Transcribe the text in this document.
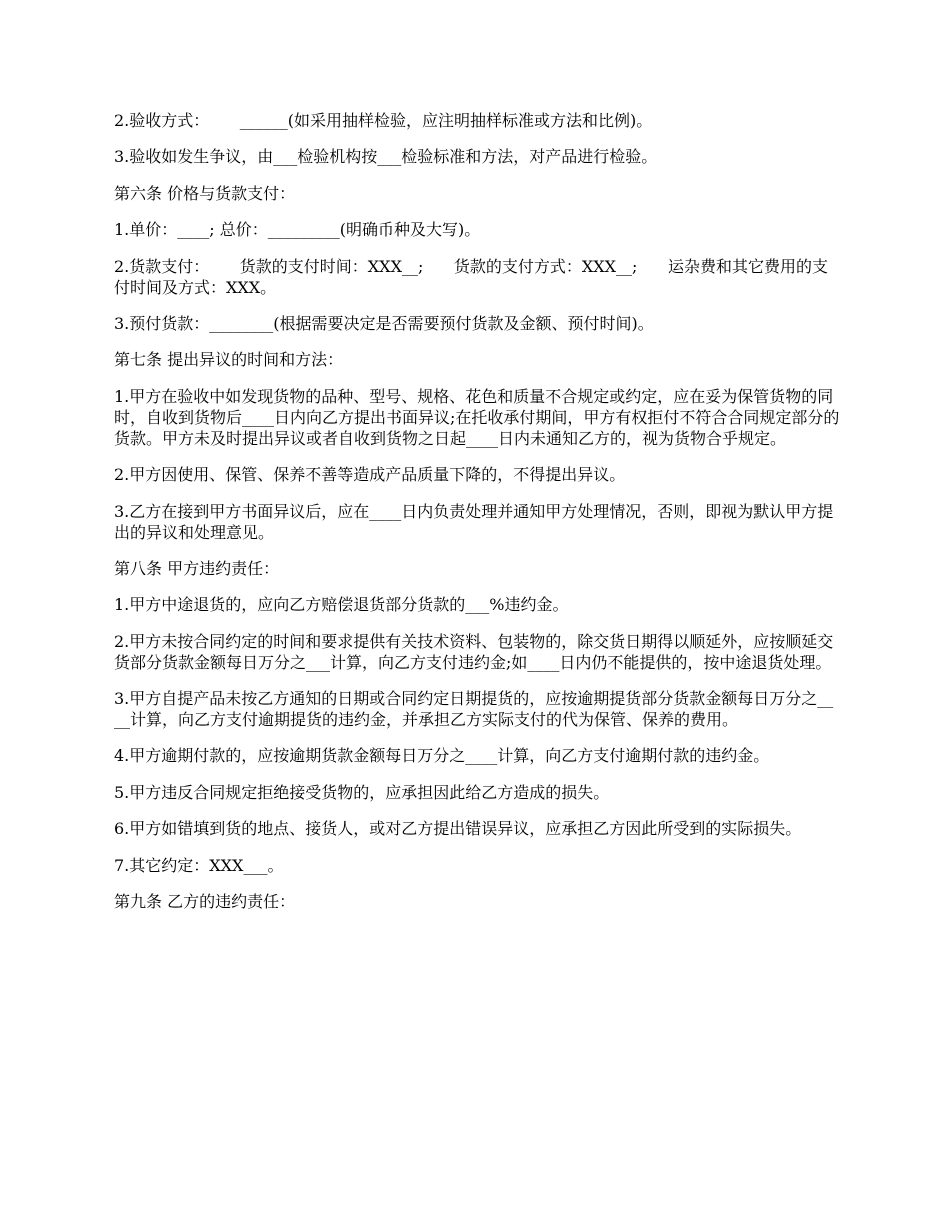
2.验收方式：      ______(如采用抽样检验，应注明抽样标准或方法和比例)。

3.验收如发生争议，由___检验机构按___检验标准和方法，对产品进行检验。

第六条 价格与货款支付：

1.单价：____; 总价：_________(明确币种及大写)。

2.货款支付：      货款的支付时间：XXX__;      货款的支付方式：XXX__;      运杂费和其它费用的支付时间及方式：XXX。

3.预付货款：________(根据需要决定是否需要预付货款及金额、预付时间)。

第七条 提出异议的时间和方法：

1.甲方在验收中如发现货物的品种、型号、规格、花色和质量不合规定或约定，应在妥为保管货物的同时，自收到货物后____日内向乙方提出书面异议;在托收承付期间，甲方有权拒付不符合合同规定部分的货款。甲方未及时提出异议或者自收到货物之日起____日内未通知乙方的，视为货物合乎规定。

2.甲方因使用、保管、保养不善等造成产品质量下降的，不得提出异议。

3.乙方在接到甲方书面异议后，应在____日内负责处理并通知甲方处理情况，否则，即视为默认甲方提出的异议和处理意见。

第八条 甲方违约责任：

1.甲方中途退货的，应向乙方赔偿退货部分货款的___%违约金。

2.甲方未按合同约定的时间和要求提供有关技术资料、包装物的，除交货日期得以顺延外，应按顺延交货部分货款金额每日万分之___计算，向乙方支付违约金;如____日内仍不能提供的，按中途退货处理。

3.甲方自提产品未按乙方通知的日期或合同约定日期提货的，应按逾期提货部分货款金额每日万分之____计算，向乙方支付逾期提货的违约金，并承担乙方实际支付的代为保管、保养的费用。

4.甲方逾期付款的，应按逾期货款金额每日万分之____计算，向乙方支付逾期付款的违约金。

5.甲方违反合同规定拒绝接受货物的，应承担因此给乙方造成的损失。

6.甲方如错填到货的地点、接货人，或对乙方提出错误异议，应承担乙方因此所受到的实际损失。

7.其它约定：XXX___。

第九条 乙方的违约责任：
